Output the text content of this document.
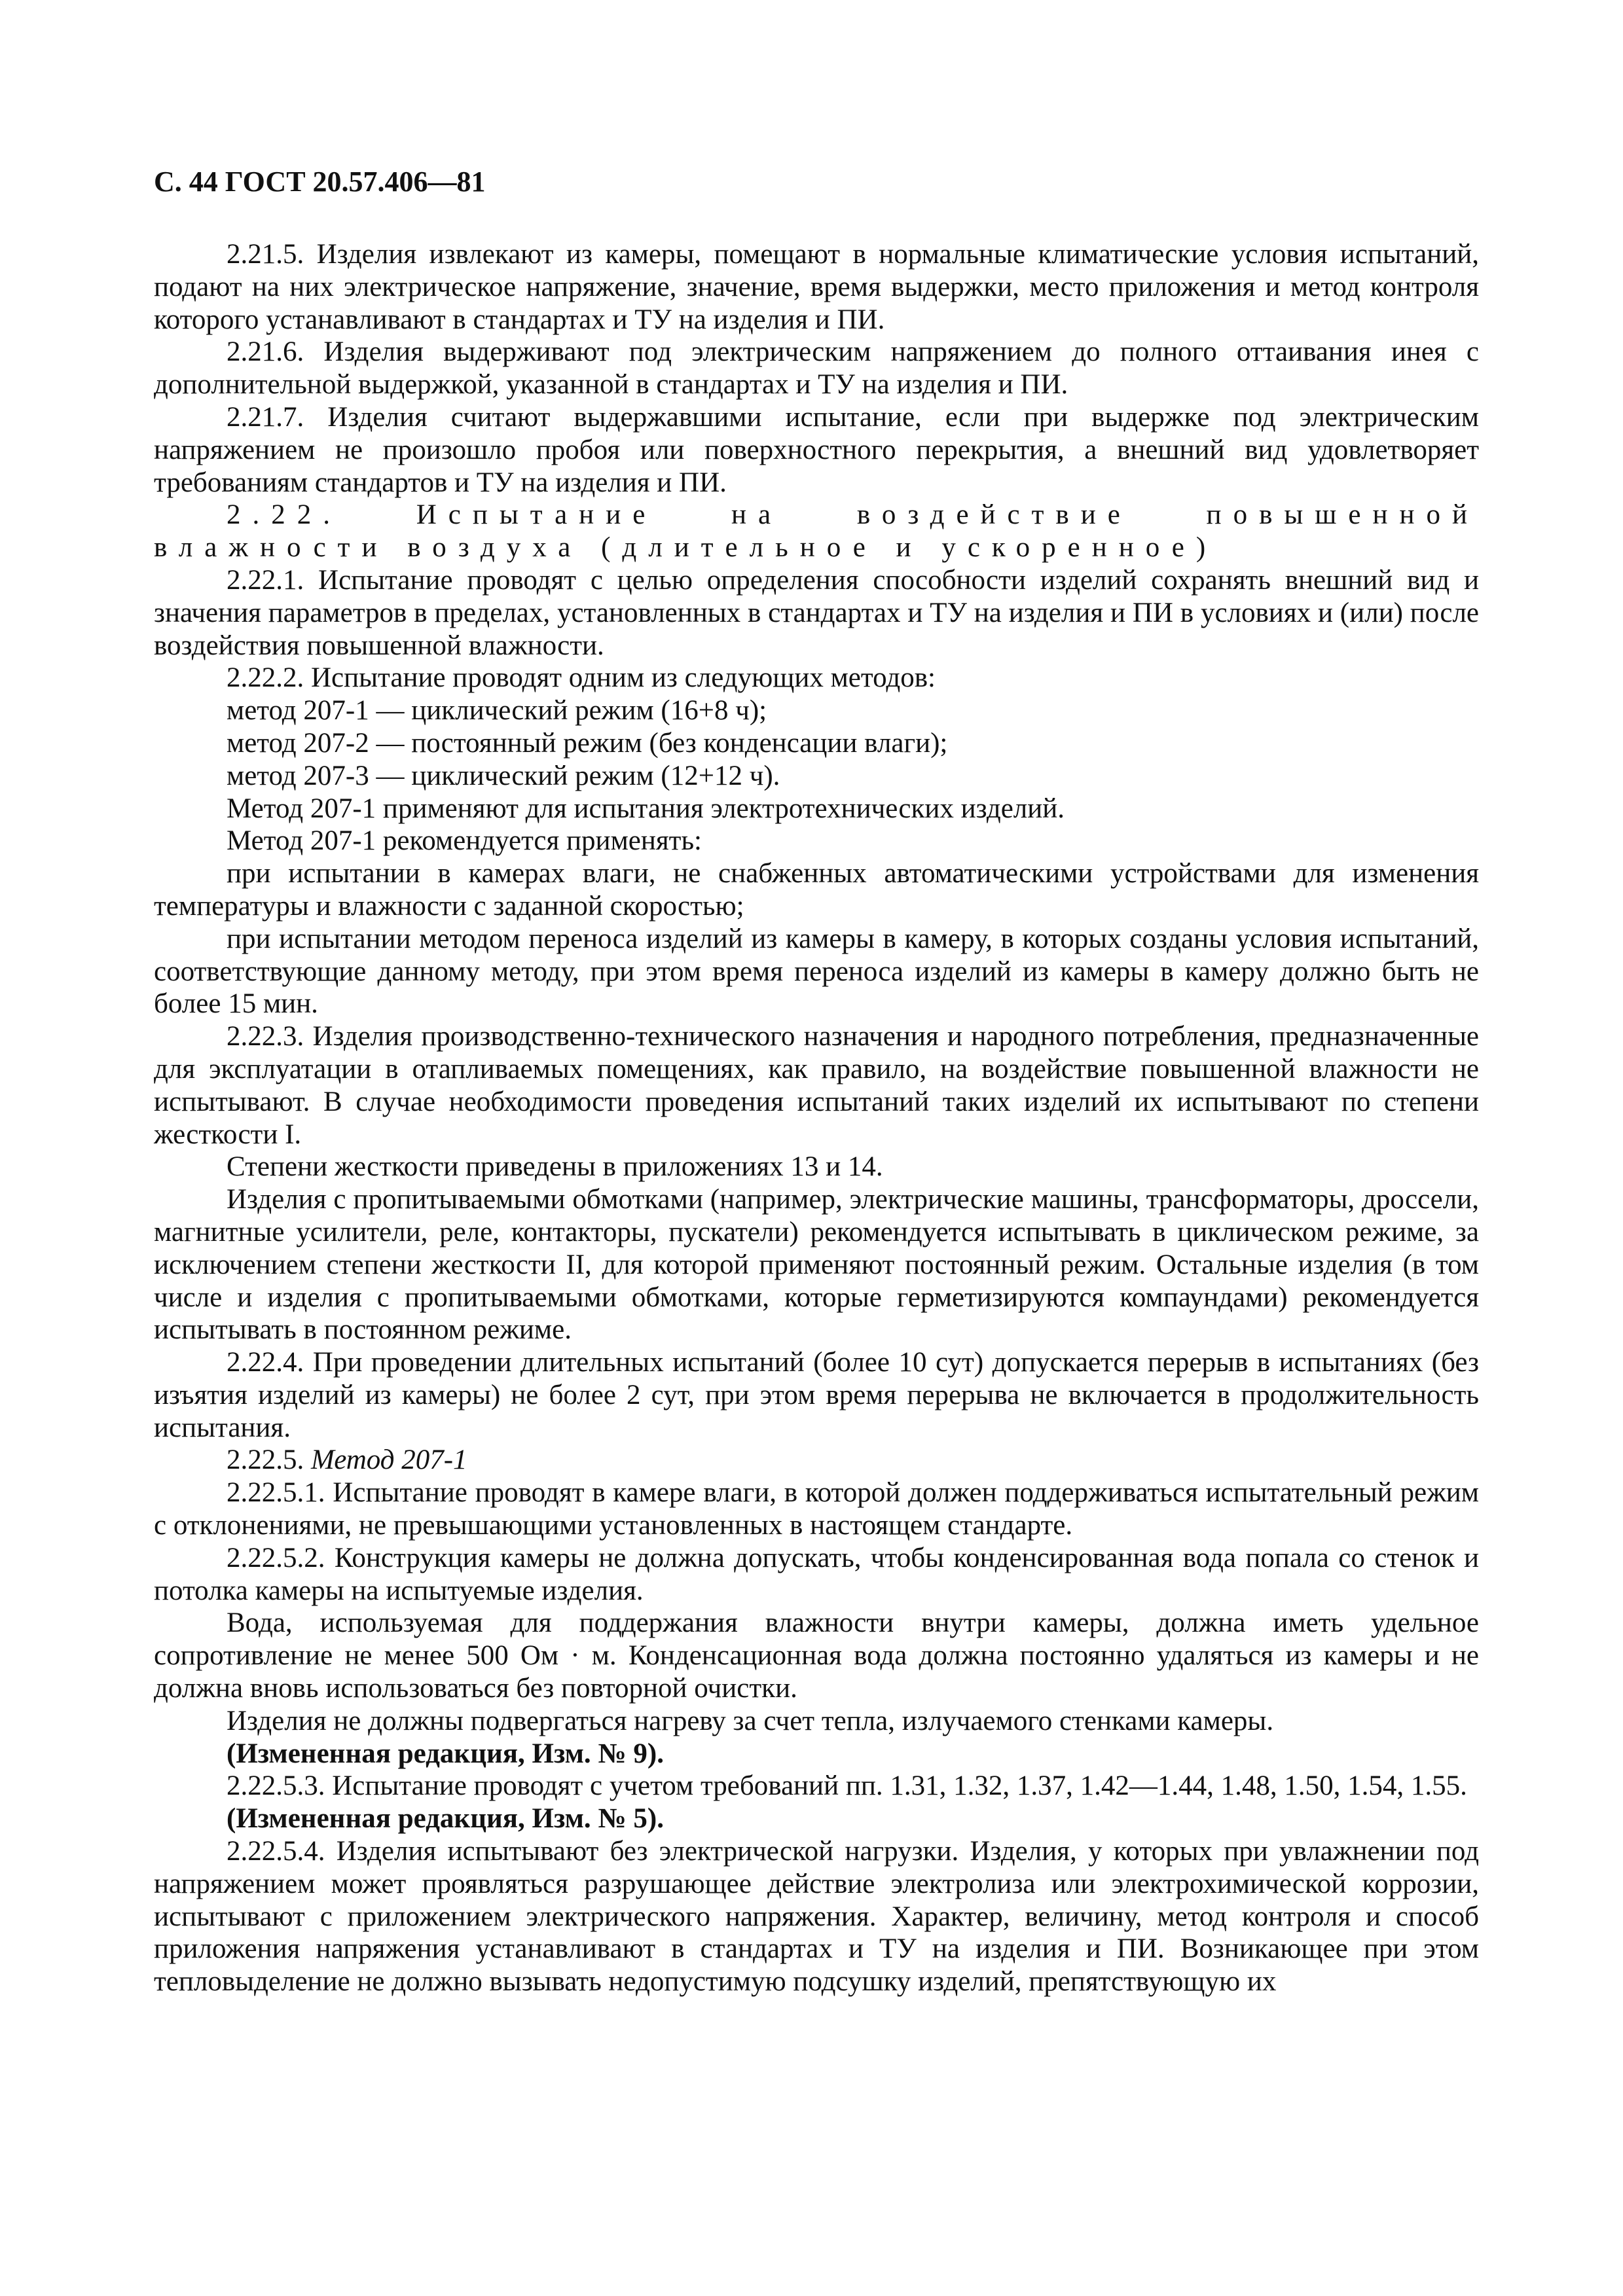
С. 44 ГОСТ 20.57.406—81

2.21.5. Изделия извлекают из камеры, помещают в нормальные климатические условия испытаний, подают на них электрическое напряжение, значение, время выдержки, место приложения и метод контроля которого устанавливают в стандартах и ТУ на изделия и ПИ.

2.21.6. Изделия выдерживают под электрическим напряжением до полного оттаивания инея с дополнительной выдержкой, указанной в стандартах и ТУ на изделия и ПИ.

2.21.7. Изделия считают выдержавшими испытание, если при выдержке под электрическим напряжением не произошло пробоя или поверхностного перекрытия, а внешний вид удовлетворяет требованиям стандартов и ТУ на изделия и ПИ.

2.22. Испытание на воздействие повышенной влажности воздуха (длительное и ускоренное)

2.22.1. Испытание проводят с целью определения способности изделий сохранять внешний вид и значения параметров в пределах, установленных в стандартах и ТУ на изделия и ПИ в условиях и (или) после воздействия повышенной влажности.

2.22.2. Испытание проводят одним из следующих методов:

метод 207-1 — циклический режим (16+8 ч);

метод 207-2 — постоянный режим (без конденсации влаги);

метод 207-3 — циклический режим (12+12 ч).

Метод 207-1 применяют для испытания электротехнических изделий.

Метод 207-1 рекомендуется применять:

при испытании в камерах влаги, не снабженных автоматическими устройствами для изменения температуры и влажности с заданной скоростью;

при испытании методом переноса изделий из камеры в камеру, в которых созданы условия испытаний, соответствующие данному методу, при этом время переноса изделий из камеры в камеру должно быть не более 15 мин.

2.22.3. Изделия производственно-технического назначения и народного потребления, предназначенные для эксплуатации в отапливаемых помещениях, как правило, на воздействие повышенной влажности не испытывают. В случае необходимости проведения испытаний таких изделий их испытывают по степени жесткости I.

Степени жесткости приведены в приложениях 13 и 14.

Изделия с пропитываемыми обмотками (например, электрические машины, трансформаторы, дроссели, магнитные усилители, реле, контакторы, пускатели) рекомендуется испытывать в циклическом режиме, за исключением степени жесткости II, для которой применяют постоянный режим. Остальные изделия (в том числе и изделия с пропитываемыми обмотками, которые герметизируются компаундами) рекомендуется испытывать в постоянном режиме.

2.22.4. При проведении длительных испытаний (более 10 сут) допускается перерыв в испытаниях (без изъятия изделий из камеры) не более 2 сут, при этом время перерыва не включается в продолжительность испытания.

2.22.5. Метод 207-1

2.22.5.1. Испытание проводят в камере влаги, в которой должен поддерживаться испытательный режим с отклонениями, не превышающими установленных в настоящем стандарте.

2.22.5.2. Конструкция камеры не должна допускать, чтобы конденсированная вода попала со стенок и потолка камеры на испытуемые изделия.

Вода, используемая для поддержания влажности внутри камеры, должна иметь удельное сопротивление не менее 500 Ом · м. Конденсационная вода должна постоянно удаляться из камеры и не должна вновь использоваться без повторной очистки.

Изделия не должны подвергаться нагреву за счет тепла, излучаемого стенками камеры.

(Измененная редакция, Изм. № 9).

2.22.5.3. Испытание проводят с учетом требований пп. 1.31, 1.32, 1.37, 1.42—1.44, 1.48, 1.50, 1.54, 1.55.

(Измененная редакция, Изм. № 5).

2.22.5.4. Изделия испытывают без электрической нагрузки. Изделия, у которых при увлажнении под напряжением может проявляться разрушающее действие электролиза или электрохимической коррозии, испытывают с приложением электрического напряжения. Характер, величину, метод контроля и способ приложения напряжения устанавливают в стандартах и ТУ на изделия и ПИ. Возникающее при этом тепловыделение не должно вызывать недопустимую подсушку изделий, препятствующую их
